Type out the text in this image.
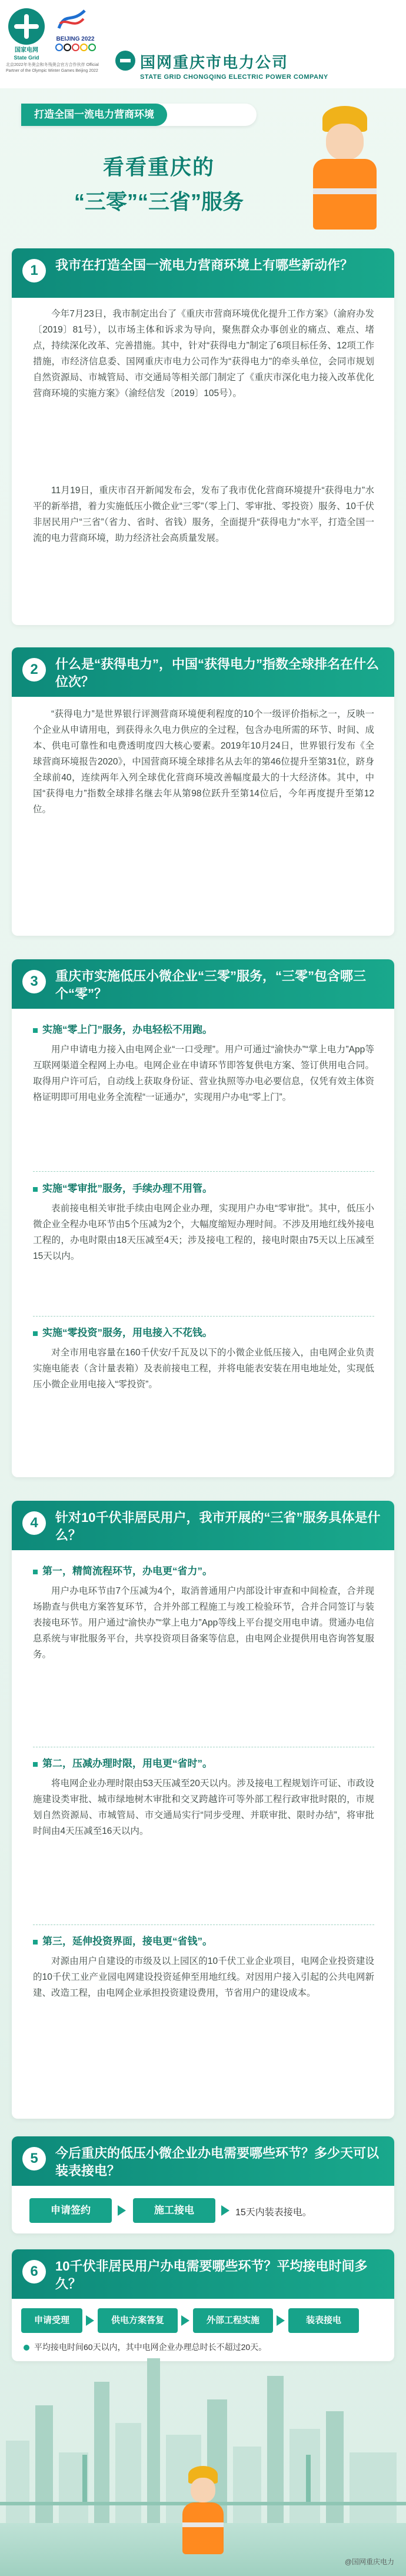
国家电网
State Grid
BEIJING 2022
北京2022年冬奥会和冬残奥会官方合作伙伴 Official Partner of the Olympic Winter Games Beijing 2022	国网重庆市电力公司
STATE GRID CHONGQING ELECTRIC POWER COMPANY
打造全国一流电力营商环境
看看重庆的
“三零”“三省”服务
1	我市在打造全国一流电力营商环境上有哪些新动作？
今年7月23日，我市制定出台了《重庆市营商环境优化提升工作方案》（渝府办发〔2019〕81号），以市场主体和诉求为导向，聚焦群众办事创业的痛点、难点、堵点，持续深化改革、完善措施。其中，针对“获得电力”制定了6项目标任务、12项工作措施，市经济信息委、国网重庆市电力公司作为“获得电力”的牵头单位，会同市规划自然资源局、市城管局、市交通局等相关部门制定了《重庆市深化电力接入改革优化营商环境的实施方案》（渝经信发〔2019〕105号）。
11月19日，重庆市召开新闻发布会，发布了我市优化营商环境提升“获得电力”水平的新举措，着力实施低压小微企业“三零”（零上门、零审批、零投资）服务、10千伏非居民用户“三省”（省力、省时、省钱）服务，全面提升“获得电力”水平，打造全国一流的电力营商环境，助力经济社会高质量发展。
2	什么是“获得电力”，中国“获得电力”指数全球排名在什么位次？
“获得电力”是世界银行评测营商环境便利程度的10个一级评价指标之一，反映一个企业从申请用电，到获得永久电力供应的全过程，包含办电所需的环节、时间、成本、供电可靠性和电费透明度四大核心要素。2019年10月24日，世界银行发布《全球营商环境报告2020》，中国营商环境全球排名从去年的第46位提升至第31位，跻身全球前40，连续两年入列全球优化营商环境改善幅度最大的十大经济体。其中，中国“获得电力”指数全球排名继去年从第98位跃升至第14位后，今年再度提升至第12位。
3	重庆市实施低压小微企业“三零”服务，“三零”包含哪三个“零”？
实施“零上门”服务，办电轻松不用跑。
用户申请电力接入由电网企业“一口受理”。用户可通过“渝快办”“掌上电力”App等互联网渠道全程网上办电。电网企业在申请环节即答复供电方案、签订供用电合同。取得用户许可后，自动线上获取身份证、营业执照等办电必要信息，仅凭有效主体资格证明即可用电业务全流程“一证通办”，实现用户办电“零上门”。
实施“零审批”服务，手续办理不用管。
表前接电相关审批手续由电网企业办理，实现用户办电“零审批”。其中，低压小微企业全程办电环节由5个压减为2个，大幅度缩短办理时间。不涉及用地红线外接电工程的，办电时限由18天压减至4天；涉及接电工程的，接电时限由75天以上压减至15天以内。
实施“零投资”服务，用电接入不花钱。
对全市用电容量在160千伏安/千瓦及以下的小微企业低压接入，由电网企业负责实施电能表（含计量表箱）及表前接电工程，并将电能表安装在用电地址处，实现低压小微企业用电接入“零投资”。
4	针对10千伏非居民用户，我市开展的“三省”服务具体是什么？
第一，精简流程环节，办电更“省力”。
用户办电环节由7个压减为4个，取消普通用户内部设计审查和中间检查，合并现场勘查与供电方案答复环节，合并外部工程施工与竣工检验环节，合并合同签订与装表接电环节。用户通过“渝快办”“掌上电力”App等线上平台提交用电申请。贯通办电信息系统与审批服务平台，共享投资项目备案等信息，由电网企业提供用电咨询答复服务。
第二，压减办理时限，用电更“省时”。
将电网企业办理时限由53天压减至20天以内。涉及接电工程规划许可证、市政设施建设类审批、城市绿地树木审批和交叉跨越许可等外部工程行政审批时限的，市规划自然资源局、市城管局、市交通局实行“同步受理、并联审批、限时办结”，将审批时间由4天压减至16天以内。
第三，延伸投资界面，接电更“省钱”。
对源由用户自建设的市级及以上园区的10千伏工业企业项目，电网企业投资建设的10千伏工业产业园电网建设投资延伸至用地红线。对因用户接入引起的公共电网新建、改造工程，由电网企业承担投资建设费用，节省用户的建设成本。
5	今后重庆的低压小微企业办电需要哪些环节？多少天可以装表接电？
申请签约	施工接电	15天内装表接电。
6	10千伏非居民用户办电需要哪些环节？平均接电时间多久？
申请受理	供电方案答复	外部工程实施	装表接电
平均接电时间60天以内，其中电网企业办理总时长不超过20天。
@国网重庆电力
